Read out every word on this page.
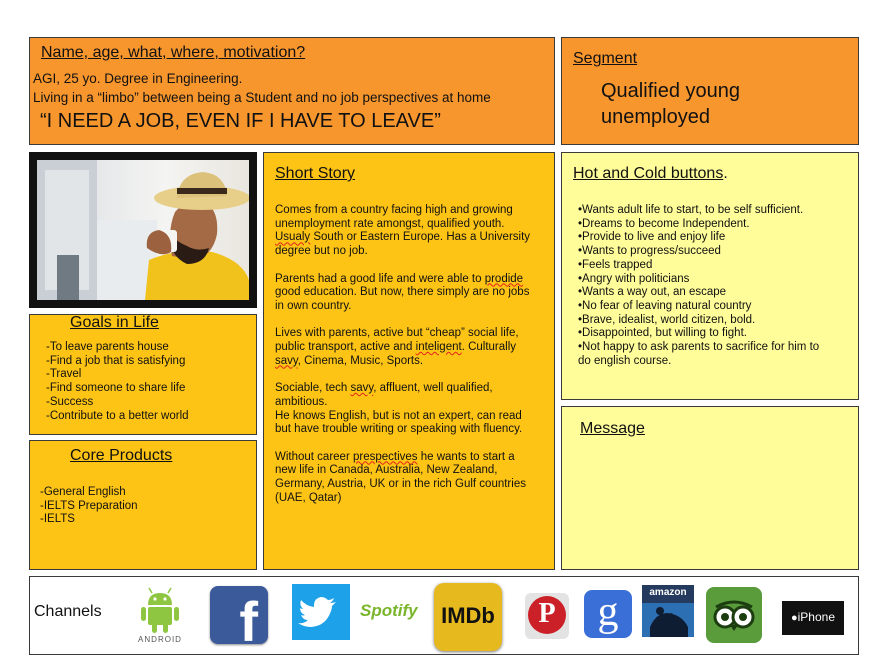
Name, age, what, where, motivation?
AGI, 25 yo. Degree in Engineering.
Living in a “limbo” between being a Student and no job perspectives at home
“I NEED A JOB, EVEN IF I HAVE TO LEAVE”
Segment
Qualified young
unemployed
Goals in Life
-To leave parents house
-Find a job that is satisfying
-Travel
-Find someone to share life
-Success
-Contribute to a better world
Core Products
-General English
-IELTS Preparation
-IELTS
Short Story

Comes from a country facing high and growing unemployment rate amongst, qualified youth. Usualy South or Eastern Europe. Has a University degree but no job.

Parents had a good life and were able to prodide good education. But now, there simply are no jobs in own country.

Lives with parents, active but “cheap” social life, public transport, active and inteligent. Culturally savy, Cinema, Music, Sports.

Sociable, tech savy, affluent, well qualified, ambitious.

He knows English, but is not an expert, can read but have trouble writing or speaking with fluency.

Without career prespectives he wants to start a new life in Canada, Australia, New Zealand, Germany, Austria, UK or in the rich Gulf countries (UAE, Qatar)

Hot and Cold buttons.
•Wants adult life to start, to be self sufficient.
•Dreams to become Independent.
•Provide to live and enjoy life
•Wants to progress/succeed
•Feels trapped
•Angry with politicians
•Wants a way out, an escape
•No fear of leaving natural country
•Brave, idealist, world citizen, bold.
•Disappointed, but willing to fight.
•Not happy to ask parents to sacrifice for him to
do english course.
Message
Channels
ANDROID f	Spotify	IMDb	P g	amazon
●iPhone
